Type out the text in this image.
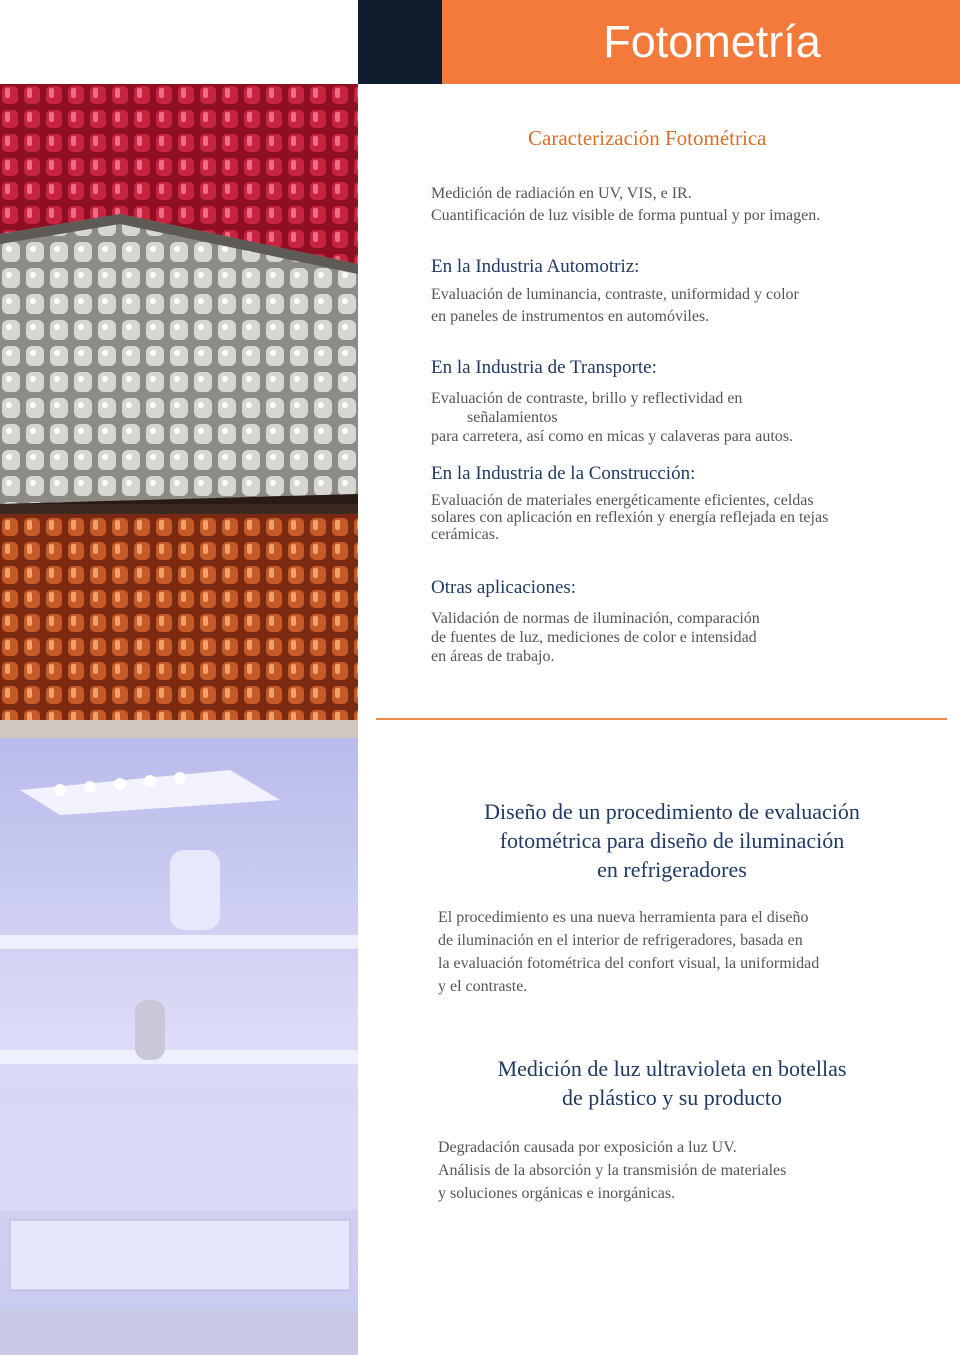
Fotometría
Caracterización Fotométrica
Medición de radiación en UV, VIS, e IR.
Cuantificación de luz visible de forma puntual y por imagen.
En la Industria Automotriz:
Evaluación de luminancia, contraste, uniformidad y color
en paneles de instrumentos en automóviles.
En la Industria de Transporte:
Evaluación de contraste, brillo y reflectividad en
señalamientos
para carretera, así como en micas y calaveras para autos.
En la Industria de la Construcción:
Evaluación de materiales energéticamente eficientes, celdas
solares con aplicación en reflexión y energía reflejada en tejas
cerámicas.
Otras aplicaciones:
Validación de normas de iluminación, comparación
de fuentes de luz, mediciones de color e intensidad
en áreas de trabajo.
Diseño de un procedimiento de evaluación
fotométrica para diseño de iluminación
en refrigeradores
El procedimiento es una nueva herramienta para el diseño
de iluminación en el interior de refrigeradores, basada en
la evaluación fotométrica del confort visual, la uniformidad
y el contraste.
Medición de luz ultravioleta en botellas
de plástico y su producto
Degradación causada por exposición a luz UV.
Análisis de la absorción y la transmisión de materiales
y soluciones orgánicas e inorgánicas.
